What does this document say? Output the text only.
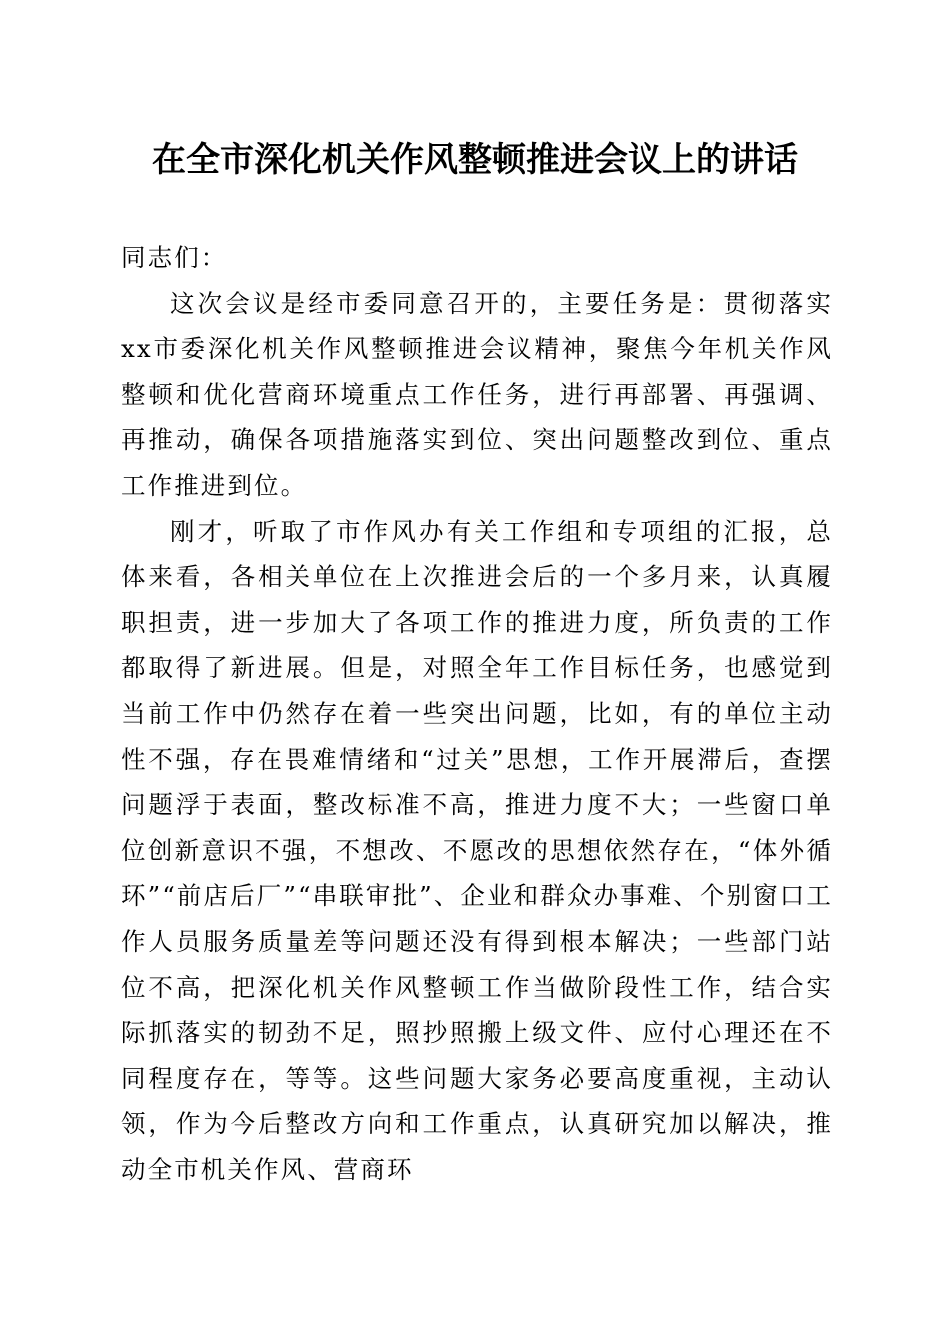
在全市深化机关作风整顿推进会议上的讲话

同志们：

这次会议是经市委同意召开的，主要任务是：贯彻落实xx市委深化机关作风整顿推进会议精神，聚焦今年机关作风整顿和优化营商环境重点工作任务，进行再部署、再强调、再推动，确保各项措施落实到位、突出问题整改到位、重点工作推进到位。

刚才，听取了市作风办有关工作组和专项组的汇报，总体来看，各相关单位在上次推进会后的一个多月来，认真履职担责，进一步加大了各项工作的推进力度，所负责的工作都取得了新进展。但是，对照全年工作目标任务，也感觉到当前工作中仍然存在着一些突出问题，比如，有的单位主动性不强，存在畏难情绪和“过关”思想，工作开展滞后，查摆问题浮于表面，整改标准不高，推进力度不大；一些窗口单位创新意识不强，不想改、不愿改的思想依然存在，“体外循环”“前店后厂”“串联审批”、企业和群众办事难、个别窗口工作人员服务质量差等问题还没有得到根本解决；一些部门站位不高，把深化机关作风整顿工作当做阶段性工作，结合实际抓落实的韧劲不足，照抄照搬上级文件、应付心理还在不同程度存在，等等。这些问题大家务必要高度重视，主动认领，作为今后整改方向和工作重点，认真研究加以解决，推动全市机关作风、营商环
